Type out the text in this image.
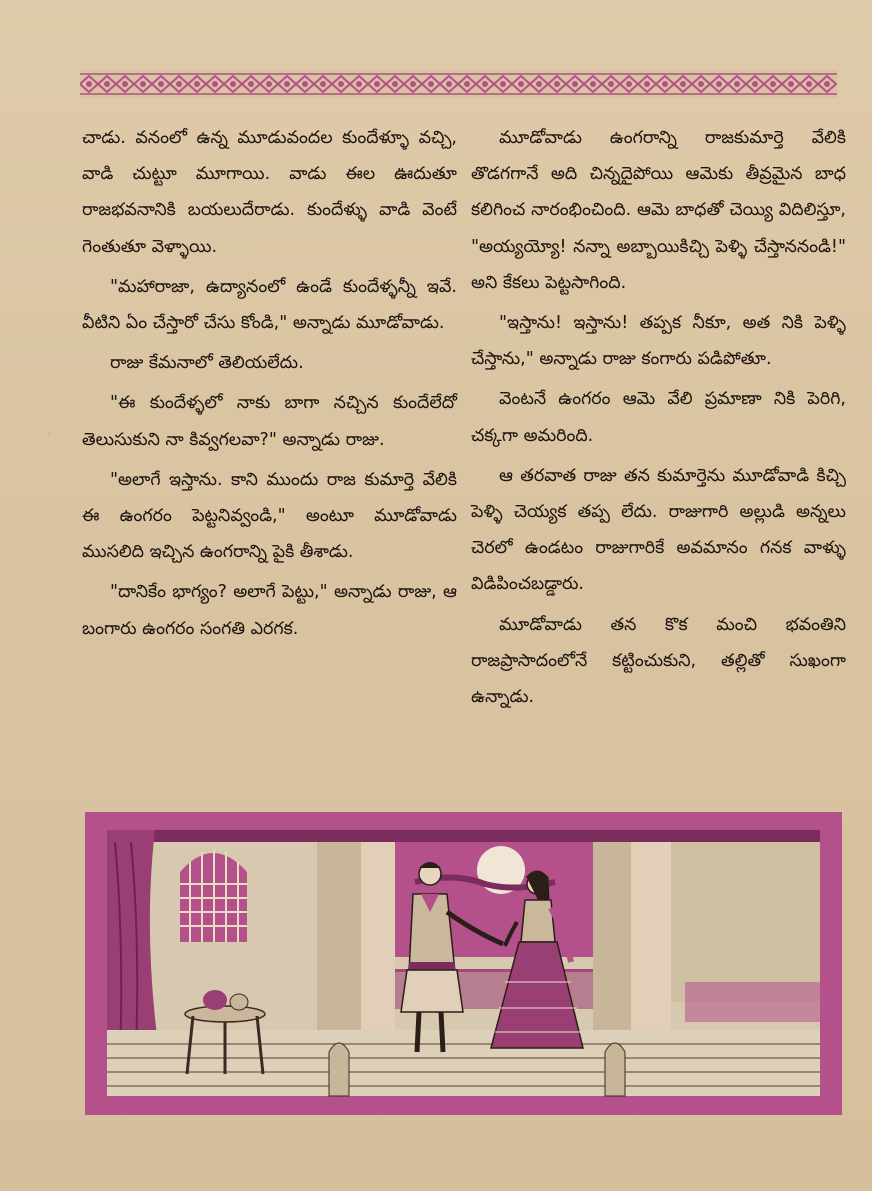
చాడు. వనంలో ఉన్న మూడువందల కుందేళ్ళూ వచ్చి, వాడి చుట్టూ మూగాయి. వాడు ఈల ఊదుతూ రాజభవనానికి బయలుదేరాడు. కుందేళ్ళు వాడి వెంటే గెంతుతూ వెళ్ళాయి.

"మహారాజా, ఉద్యానంలో ఉండే కుందేళ్ళన్నీ ఇవే. వీటిని ఏం చేస్తారో చేసు కోండి," అన్నాడు మూడోవాడు.

రాజు కేమనాలో తెలియలేదు.

"ఈ కుందేళ్ళలో నాకు బాగా నచ్చిన కుందేలేదో తెలుసుకుని నా కివ్వగలవా?" అన్నాడు రాజు.

"అలాగే ఇస్తాను. కాని ముందు రాజ కుమార్తె వేలికి ఈ ఉంగరం పెట్టనివ్వండి," అంటూ మూడోవాడు ముసలిది ఇచ్చిన ఉంగరాన్ని పైకి తీశాడు.

"దానికేం భాగ్యం? అలాగే పెట్టు," అన్నాడు రాజు, ఆ బంగారు ఉంగరం సంగతి ఎరగక.

మూడోవాడు ఉంగరాన్ని రాజకుమార్తె వేలికి తొడగగానే అది చిన్నదైపోయి ఆమెకు తీవ్రమైన బాధ కలిగించ నారంభించింది. ఆమె బాధతో చెయ్యి విదిలిస్తూ, "అయ్యయ్యో! నన్నా అబ్బాయికిచ్చి పెళ్ళి చేస్తాననండి!" అని కేకలు పెట్టసాగింది.

"ఇస్తాను! ఇస్తాను! తప్పక నీకూ, అత నికి పెళ్ళి చేస్తాను," అన్నాడు రాజు కంగారు పడిపోతూ.

వెంటనే ఉంగరం ఆమె వేలి ప్రమాణా నికి పెరిగి, చక్కగా అమరింది.

ఆ తరవాత రాజు తన కుమార్తెను మూడోవాడి కిచ్చి పెళ్ళి చెయ్యక తప్ప లేదు. రాజుగారి అల్లుడి అన్నలు చెరలో ఉండటం రాజుగారికే అవమానం గనక వాళ్ళు విడిపించబడ్డారు.

మూడోవాడు తన కొక మంచి భవంతిని రాజప్రాసాదంలోనే కట్టించుకుని, తల్లితో సుఖంగా ఉన్నాడు.

·
